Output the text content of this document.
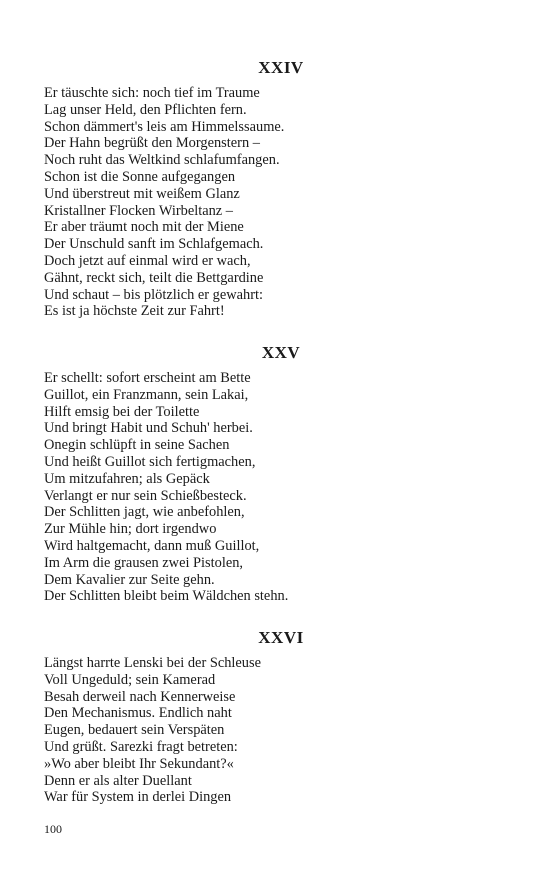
XXIV
Er täuschte sich: noch tief im Traume
Lag unser Held, den Pflichten fern.
Schon dämmert's leis am Himmelssaume.
Der Hahn begrüßt den Morgenstern –
Noch ruht das Weltkind schlafumfangen.
Schon ist die Sonne aufgegangen
Und überstreut mit weißem Glanz
Kristallner Flocken Wirbeltanz –
Er aber träumt noch mit der Miene
Der Unschuld sanft im Schlafgemach.
Doch jetzt auf einmal wird er wach,
Gähnt, reckt sich, teilt die Bettgardine
Und schaut – bis plötzlich er gewahrt:
Es ist ja höchste Zeit zur Fahrt!
XXV
Er schellt: sofort erscheint am Bette
Guillot, ein Franzmann, sein Lakai,
Hilft emsig bei der Toilette
Und bringt Habit und Schuh' herbei.
Onegin schlüpft in seine Sachen
Und heißt Guillot sich fertigmachen,
Um mitzufahren; als Gepäck
Verlangt er nur sein Schießbesteck.
Der Schlitten jagt, wie anbefohlen,
Zur Mühle hin; dort irgendwo
Wird haltgemacht, dann muß Guillot,
Im Arm die grausen zwei Pistolen,
Dem Kavalier zur Seite gehn.
Der Schlitten bleibt beim Wäldchen stehn.
XXVI
Längst harrte Lenski bei der Schleuse
Voll Ungeduld; sein Kamerad
Besah derweil nach Kennerweise
Den Mechanismus. Endlich naht
Eugen, bedauert sein Verspäten
Und grüßt. Sarezki fragt betreten:
»Wo aber bleibt Ihr Sekundant?«
Denn er als alter Duellant
War für System in derlei Dingen
100
